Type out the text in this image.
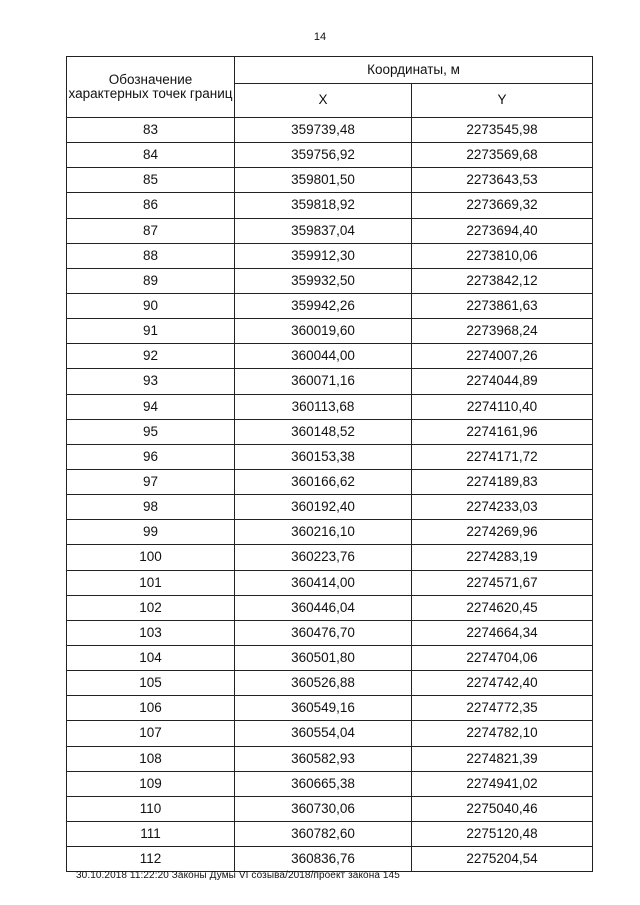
14
Обозначение характерных точек границ	Координаты, м	
	X	Y
83	359739,48	2273545,98
84	359756,92	2273569,68
85	359801,50	2273643,53
86	359818,92	2273669,32
87	359837,04	2273694,40
88	359912,30	2273810,06
89	359932,50	2273842,12
90	359942,26	2273861,63
91	360019,60	2273968,24
92	360044,00	2274007,26
93	360071,16	2274044,89
94	360113,68	2274110,40
95	360148,52	2274161,96
96	360153,38	2274171,72
97	360166,62	2274189,83
98	360192,40	2274233,03
99	360216,10	2274269,96
100	360223,76	2274283,19
101	360414,00	2274571,67
102	360446,04	2274620,45
103	360476,70	2274664,34
104	360501,80	2274704,06
105	360526,88	2274742,40
106	360549,16	2274772,35
107	360554,04	2274782,10
108	360582,93	2274821,39
109	360665,38	2274941,02
110	360730,06	2275040,46
111	360782,60	2275120,48
112	360836,76	2275204,54
30.10.2018 11:22:20 Законы Думы VI созыва/2018/проект закона 145
